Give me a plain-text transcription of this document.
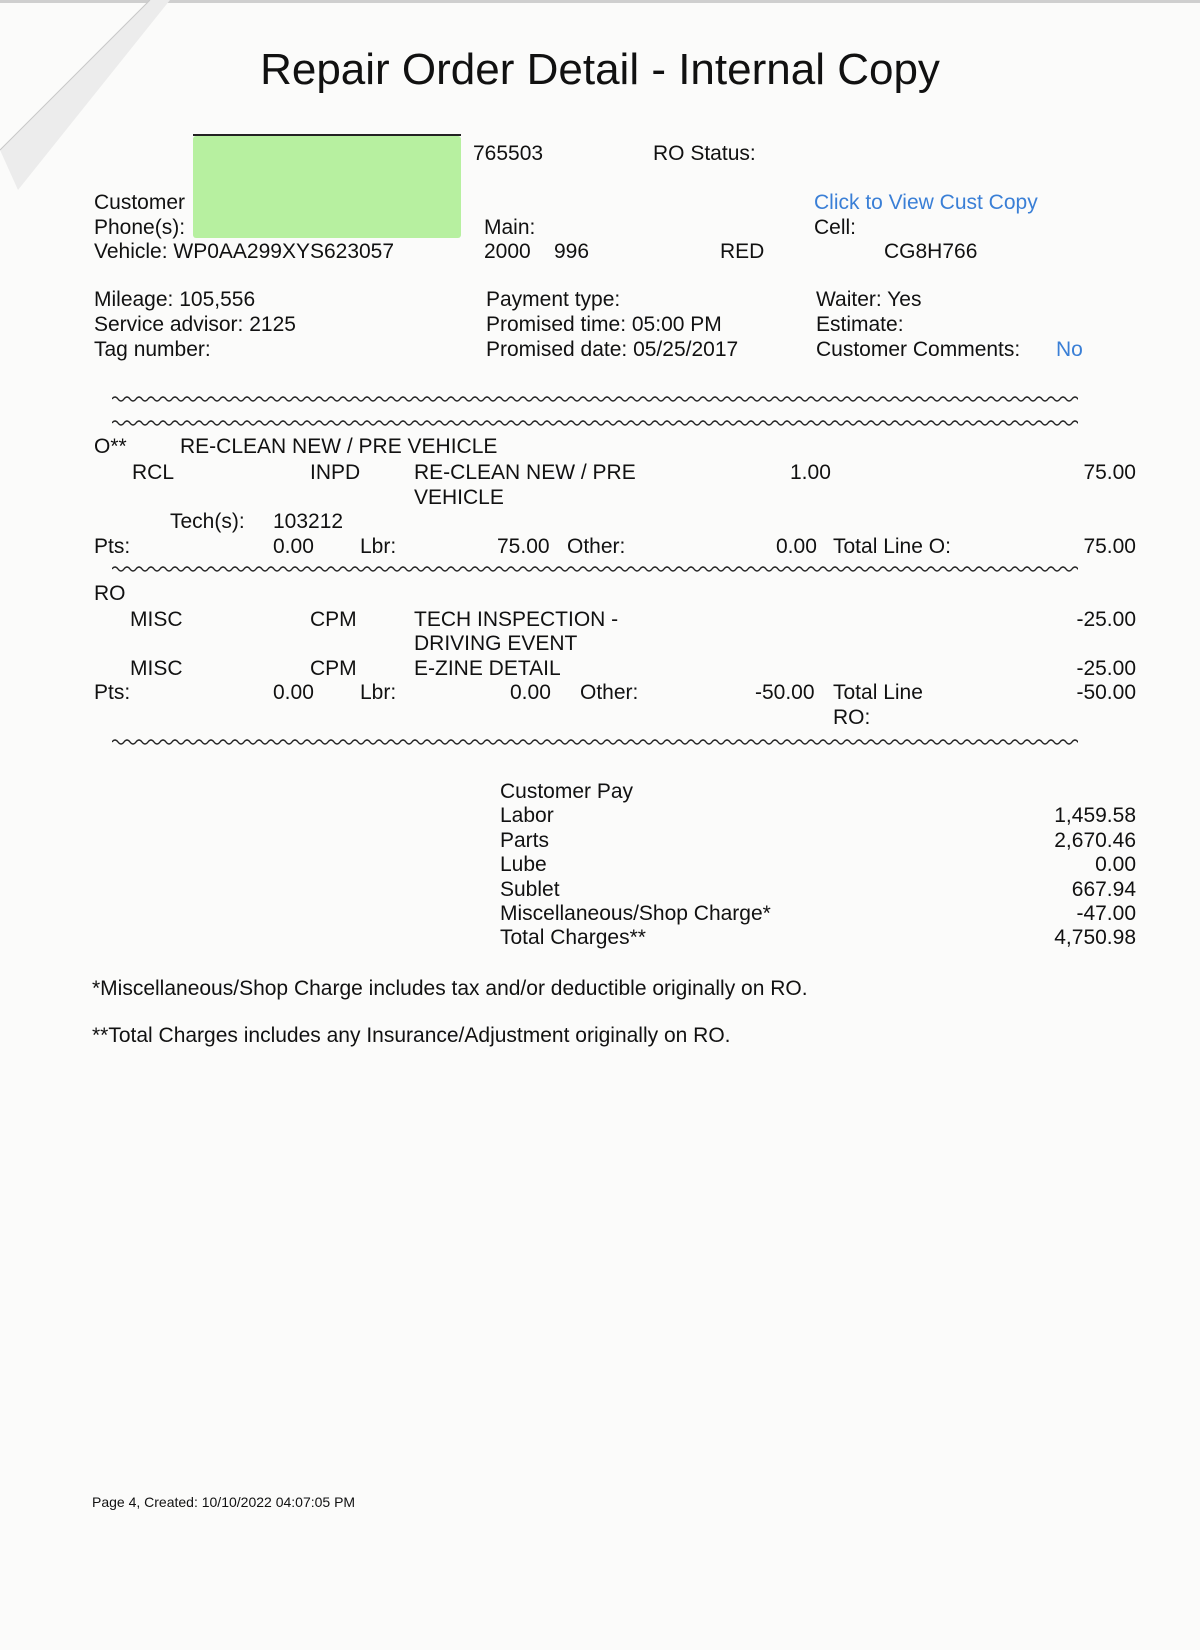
Repair Order Detail - Internal Copy
765503	RO Status:
Customer
Phone(s):
Vehicle: WP0AA299XYS623057
Mileage: 105,556
Service advisor: 2125
Tag number:
Main:
2000 996	RED
Payment type:
Promised time: 05:00 PM
Promised date: 05/25/2017
Click to View Cust Copy
Cell:
CG8H766
Waiter: Yes
Estimate:
Customer Comments: No
O**	RE-CLEAN NEW / PRE VEHICLE
RCL	INPD	RE-CLEAN NEW / PRE
VEHICLE
1.00	75.00
Tech(s): 103212
Pts:	0.00 Lbr:	75.00 Other:	0.00 Total Line O:	75.00
RO
MISC	CPM	TECH INSPECTION -
DRIVING EVENT
-25.00
MISC	CPM	E-ZINE DETAIL	-25.00
Pts:	0.00 Lbr:	0.00 Other:	-50.00 Total Line
RO:
-50.00
Customer Pay
Labor	1,459.58
Parts	2,670.46
Lube	0.00
Sublet	667.94
Miscellaneous/Shop Charge*	-47.00
Total Charges**	4,750.98
*Miscellaneous/Shop Charge includes tax and/or deductible originally on RO.
**Total Charges includes any Insurance/Adjustment originally on RO.
Page 4, Created: 10/10/2022 04:07:05 PM
